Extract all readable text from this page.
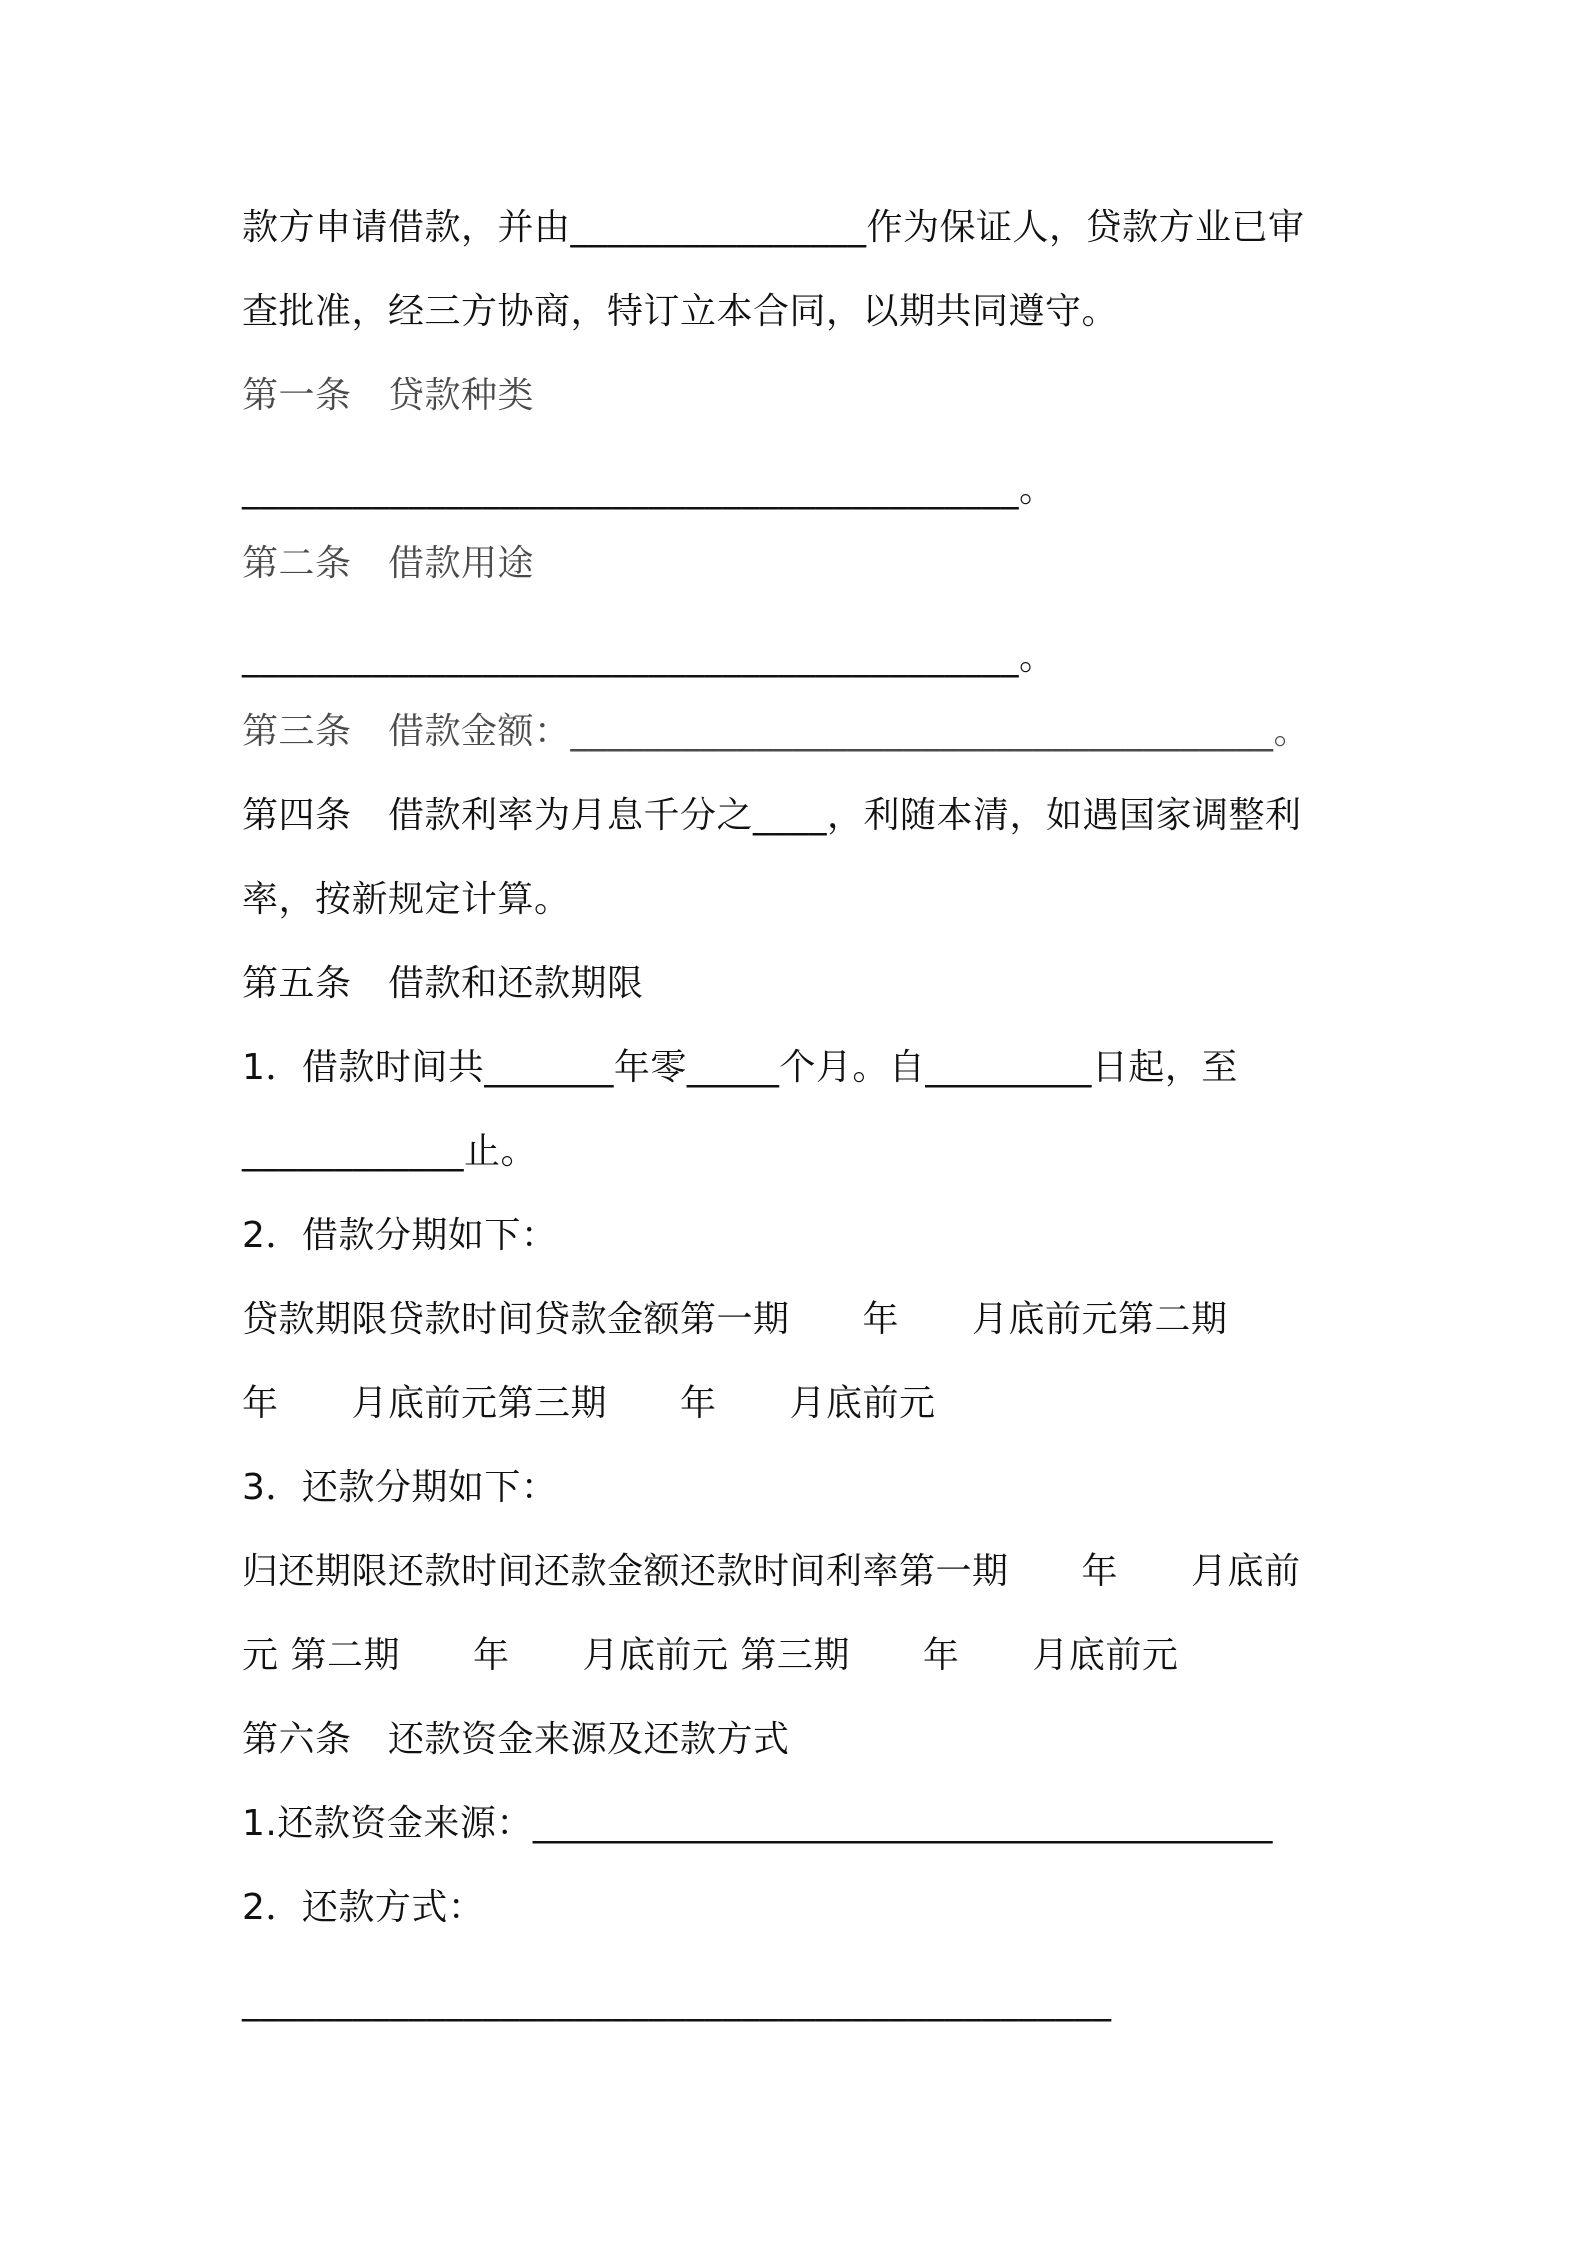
款方申请借款，并由________________作为保证人，贷款方业已审
查批准，经三方协商，特订立本合同，以期共同遵守。
第一条　贷款种类
__________________________________________。
第二条　借款用途
__________________________________________。
第三条　借款金额：______________________________________。
第四条　借款利率为月息千分之____，利随本清，如遇国家调整利
率，按新规定计算。
第五条　借款和还款期限
1．借款时间共_______年零_____个月。自_________日起，至
____________止。
2．借款分期如下：
贷款期限贷款时间贷款金额第一期　　年　　月底前元第二期
年　　月底前元第三期　　年　　月底前元
3．还款分期如下：
归还期限还款时间还款金额还款时间利率第一期　　年　　月底前
元 第二期　　年　　月底前元 第三期　　年　　月底前元
第六条　还款资金来源及还款方式
1.还款资金来源：________________________________________
2．还款方式：
_______________________________________________
